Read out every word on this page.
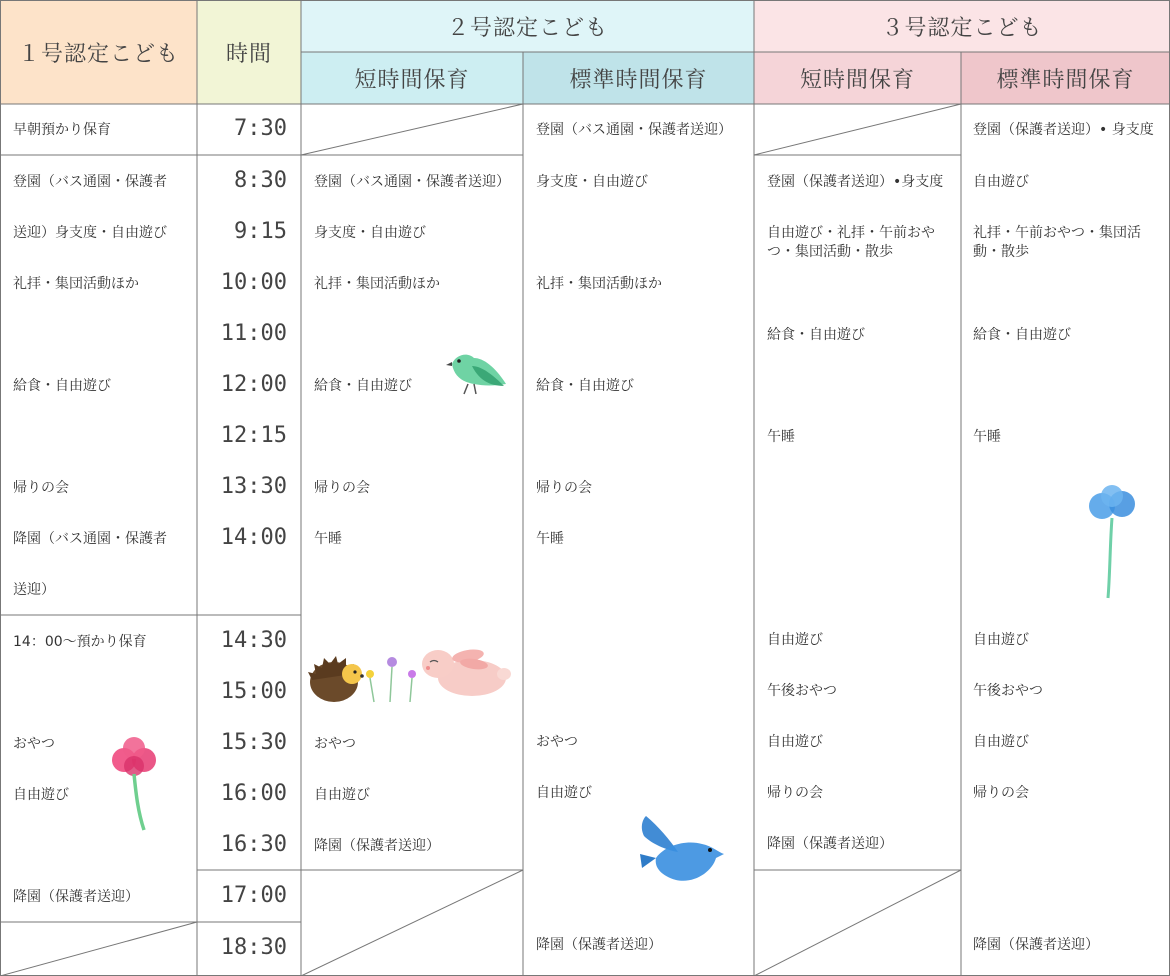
１号認定こども 時間
２号認定こども
短時間保育	標準時間保育
３号認定こども
短時間保育	標準時間保育
7:30
8:30
9:15
10:00
11:00
12:00
12:15
13:30
14:00
14:30
15:00
15:30
16:00
16:30
17:00
18:30
早朝預かり保育
登園（バス通園・保護者
送迎）身支度・自由遊び
礼拝・集団活動ほか
給食・自由遊び
帰りの会
降園（バス通園・保護者
送迎）
14：00～預かり保育
おやつ
自由遊び
降園（保護者送迎）
登園（バス通園・保護者送迎）
身支度・自由遊び
礼拝・集団活動ほか
給食・自由遊び
帰りの会
午睡
おやつ
自由遊び
降園（保護者送迎）
登園（バス通園・保護者送迎）
身支度・自由遊び
礼拝・集団活動ほか
給食・自由遊び
帰りの会
午睡
おやつ
自由遊び
降園（保護者送迎）
登園（保護者送迎）•身支度
自由遊び・礼拝・午前おやつ・集団活動・散歩
給食・自由遊び
午睡
自由遊び
午後おやつ
自由遊び
帰りの会
降園（保護者送迎）
登園（保護者送迎）• 身支度
自由遊び
礼拝・午前おやつ・集団活動・散歩
給食・自由遊び
午睡
自由遊び
午後おやつ
自由遊び
帰りの会
降園（保護者送迎）
